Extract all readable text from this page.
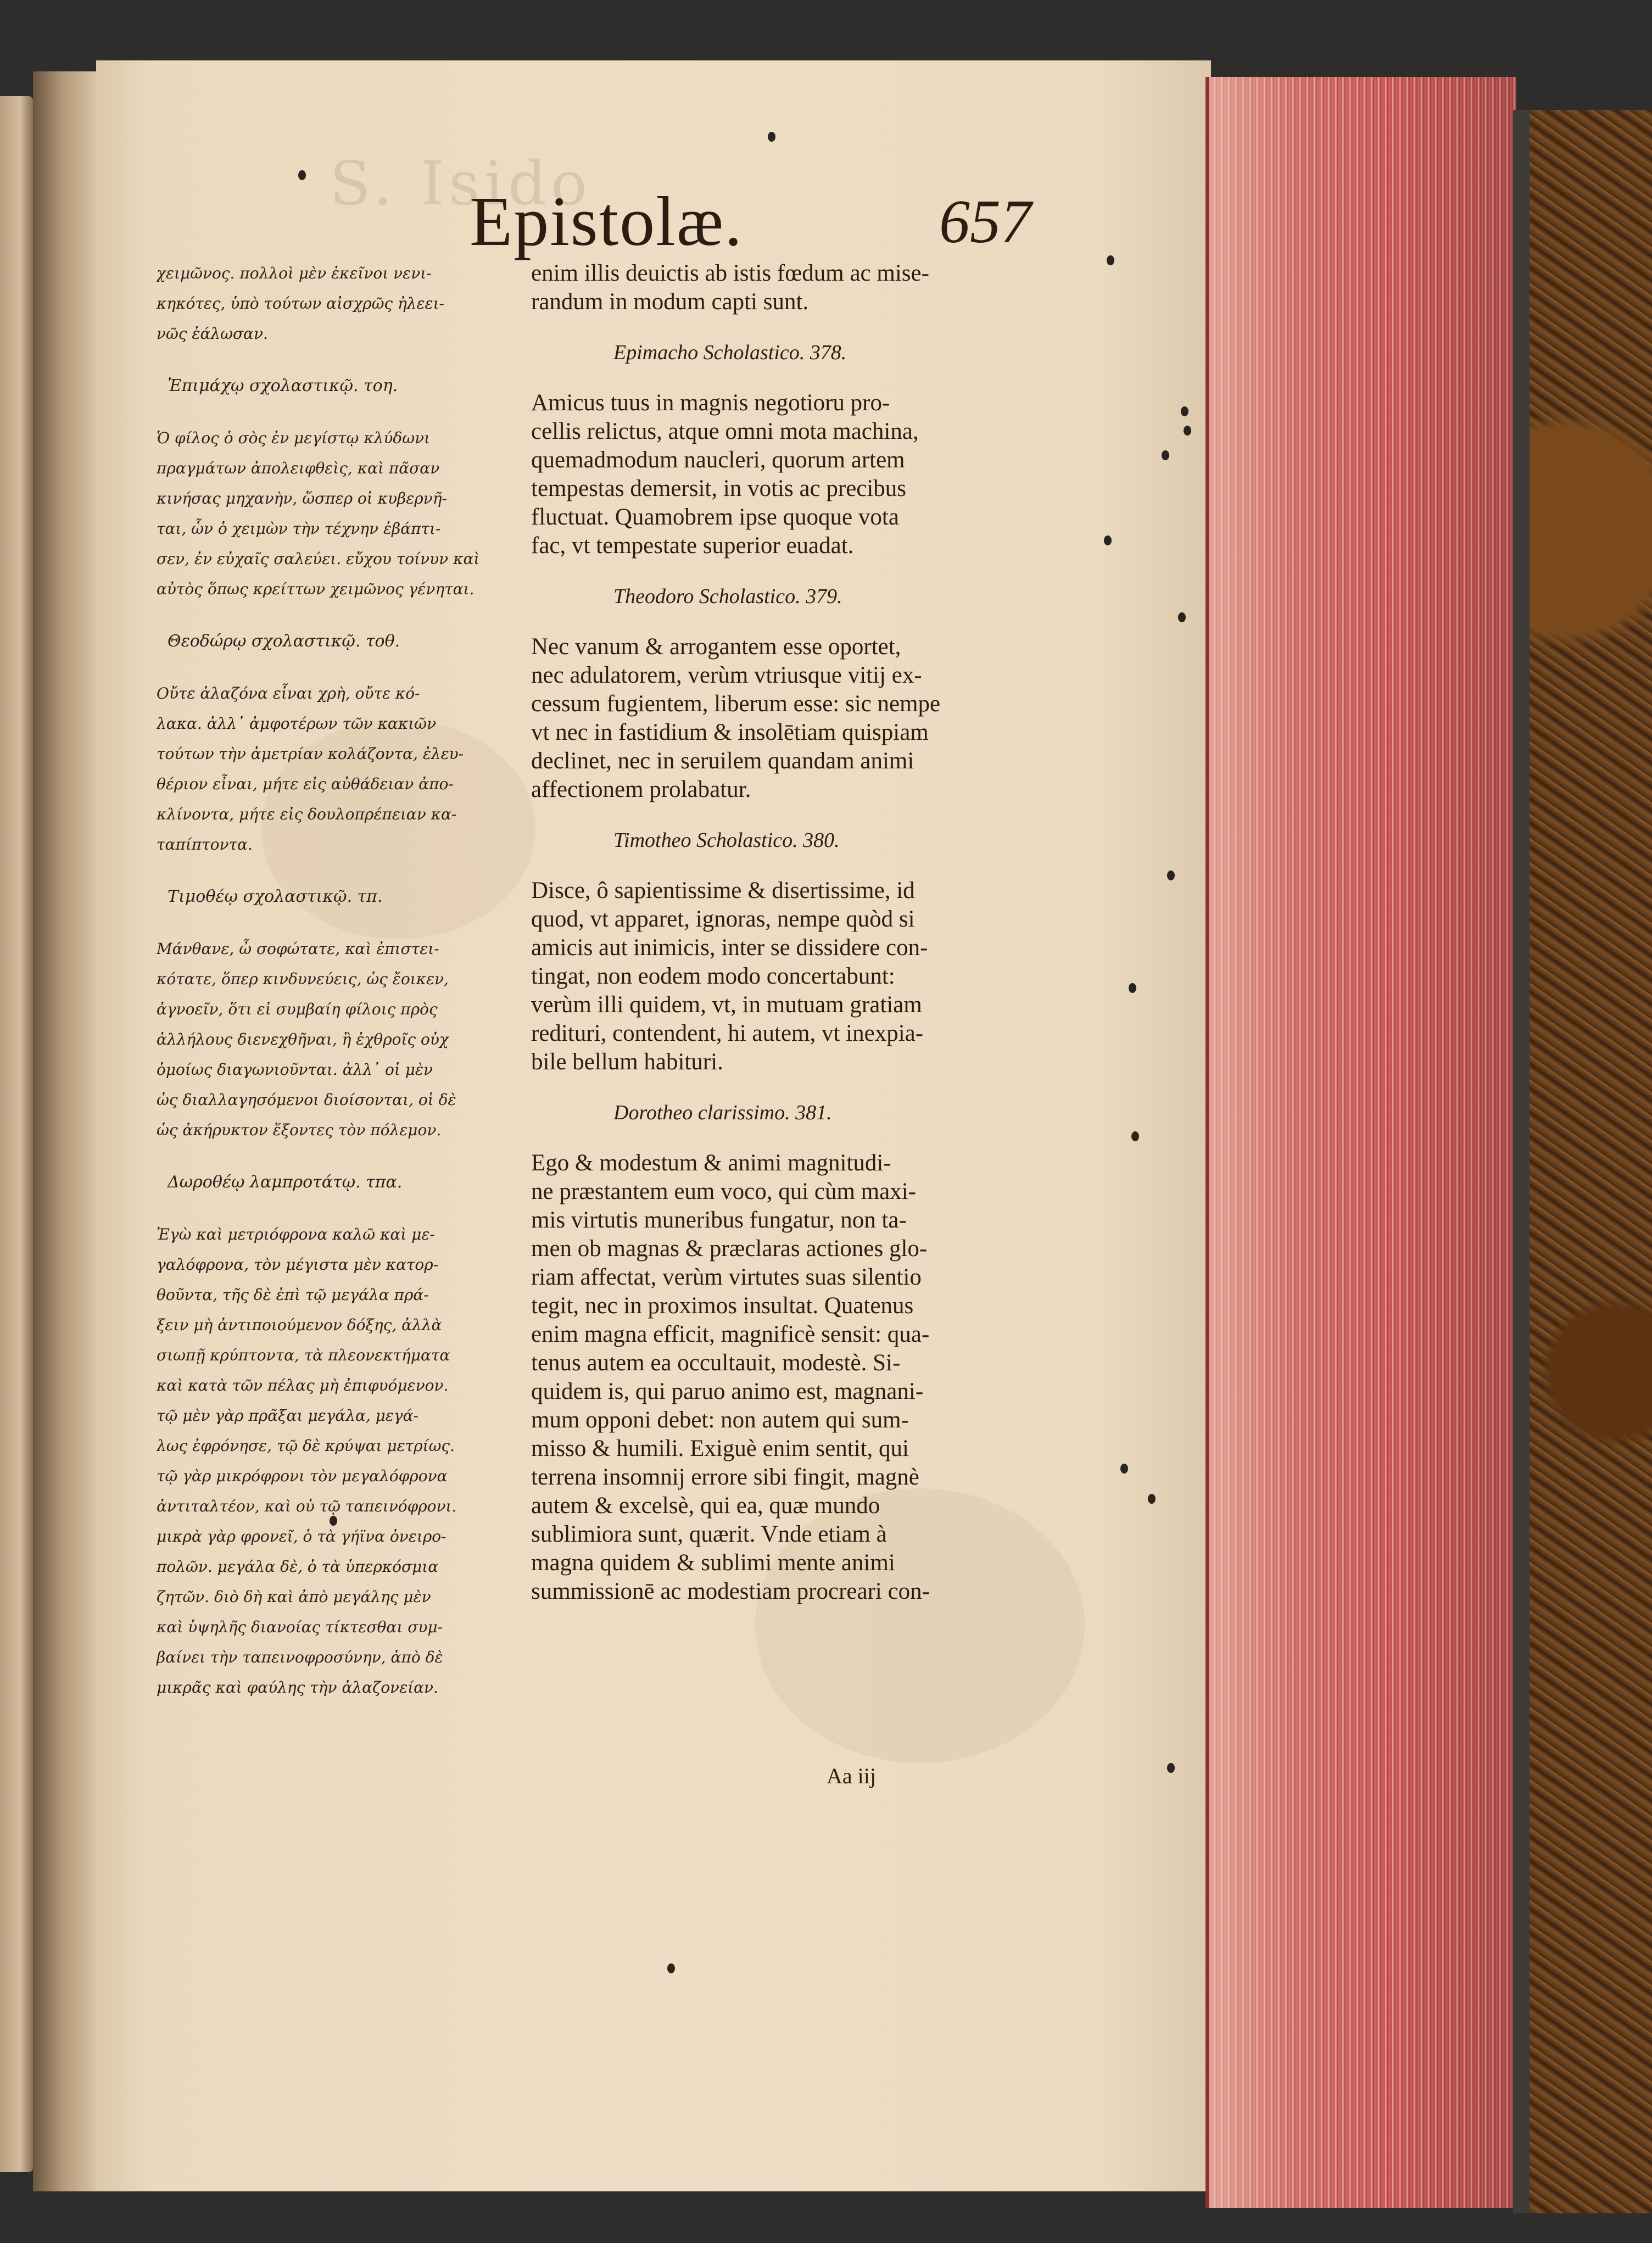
S. Isido
Epistolæ.	657
χειμῶνος. πολλοὶ μὲν ἐκεῖνοι νενι-
κηκότες, ὑπὸ τούτων αἰσχρῶς ἠλεει-
νῶς ἑάλωσαν.
Ἐπιμάχῳ σχολαστικῷ. τοη.
Ὁ φίλος ὁ σὸς ἐν μεγίστῳ κλύδωνι
πραγμάτων ἀπολειφθεὶς, καὶ πᾶσαν
κινήσας μηχανὴν, ὥσπερ οἱ κυβερνῆ-
ται, ὧν ὁ χειμὼν τὴν τέχνην ἐβάπτι-
σεν, ἐν εὐχαῖς σαλεύει. εὔχου τοίνυν καὶ
αὐτὸς ὅπως κρείττων χειμῶνος γένηται.
Θεοδώρῳ σχολαστικῷ. τοθ.
Οὔτε ἀλαζόνα εἶναι χρὴ, οὔτε κό-
λακα. ἀλλ᾽ ἀμφοτέρων τῶν κακιῶν
τούτων τὴν ἀμετρίαν κολάζοντα, ἐλευ-
θέριον εἶναι, μήτε εἰς αὐθάδειαν ἀπο-
κλίνοντα, μήτε εἰς δουλοπρέπειαν κα-
ταπίπτοντα.
Τιμοθέῳ σχολαστικῷ. τπ.
Μάνθανε, ὦ σοφώτατε, καὶ ἐπιστει-
κότατε, ὅπερ κινδυνεύεις, ὡς ἔοικεν,
ἀγνοεῖν, ὅτι εἰ συμβαίη φίλοις πρὸς
ἀλλήλους διενεχθῆναι, ἢ ἐχθροῖς οὐχ
ὁμοίως διαγωνιοῦνται. ἀλλ᾽ οἱ μὲν
ὡς διαλλαγησόμενοι διοίσονται, οἱ δὲ
ὡς ἀκήρυκτον ἕξοντες τὸν πόλεμον.
Δωροθέῳ λαμπροτάτῳ. τπα.
Ἐγὼ καὶ μετριόφρονα καλῶ καὶ με-
γαλόφρονα, τὸν μέγιστα μὲν κατορ-
θοῦντα, τῆς δὲ ἐπὶ τῷ μεγάλα πρά-
ξειν μὴ ἀντιποιούμενον δόξης, ἀλλὰ
σιωπῇ κρύπτοντα, τὰ πλεονεκτήματα
καὶ κατὰ τῶν πέλας μὴ ἐπιφυόμενον.
τῷ μὲν γὰρ πρᾶξαι μεγάλα, μεγά-
λως ἐφρόνησε, τῷ δὲ κρύψαι μετρίως.
τῷ γὰρ μικρόφρονι τὸν μεγαλόφρονα
ἀντιταλτέον, καὶ οὐ τῷ ταπεινόφρονι.
μικρὰ γὰρ φρονεῖ, ὁ τὰ γήϊνα ὀνειρο-
πολῶν. μεγάλα δὲ, ὁ τὰ ὑπερκόσμια
ζητῶν. διὸ δὴ καὶ ἀπὸ μεγάλης μὲν
καὶ ὑψηλῆς διανοίας τίκτεσθαι συμ-
βαίνει τὴν ταπεινοφροσύνην, ἀπὸ δὲ
μικρᾶς καὶ φαύλης τὴν ἀλαζονείαν.
enim illis deuictis ab istis fœdum ac mise-
randum in modum capti sunt.
Epimacho Scholastico. 378.
Amicus tuus in magnis negotioru pro-
cellis relictus, atque omni mota machina,
quemadmodum naucleri, quorum artem
tempestas demersit, in votis ac precibus
fluctuat. Quamobrem ipse quoque vota
fac, vt tempestate superior euadat.
Theodoro Scholastico. 379.
Nec vanum & arrogantem esse oportet,
nec adulatorem, verùm vtriusque vitij ex-
cessum fugientem, liberum esse: sic nempe
vt nec in fastidium & insolētiam quispiam
declinet, nec in seruilem quandam animi
affectionem prolabatur.
Timotheo Scholastico. 380.
Disce, ô sapientissime & disertissime, id
quod, vt apparet, ignoras, nempe quòd si
amicis aut inimicis, inter se dissidere con-
tingat, non eodem modo concertabunt:
verùm illi quidem, vt, in mutuam gratiam
redituri, contendent, hi autem, vt inexpia-
bile bellum habituri.
Dorotheo clarissimo. 381.
Ego & modestum & animi magnitudi-
ne præstantem eum voco, qui cùm maxi-
mis virtutis muneribus fungatur, non ta-
men ob magnas & præclaras actiones glo-
riam affectat, verùm virtutes suas silentio
tegit, nec in proximos insultat. Quatenus
enim magna efficit, magnificè sensit: qua-
tenus autem ea occultauit, modestè. Si-
quidem is, qui paruo animo est, magnani-
mum opponi debet: non autem qui sum-
misso & humili. Exiguè enim sentit, qui
terrena insomnij errore sibi fingit, magnè
autem & excelsè, qui ea, quæ mundo
sublimiora sunt, quærit. Vnde etiam à
magna quidem & sublimi mente animi
summissionē ac modestiam procreari con-
Aa iij
